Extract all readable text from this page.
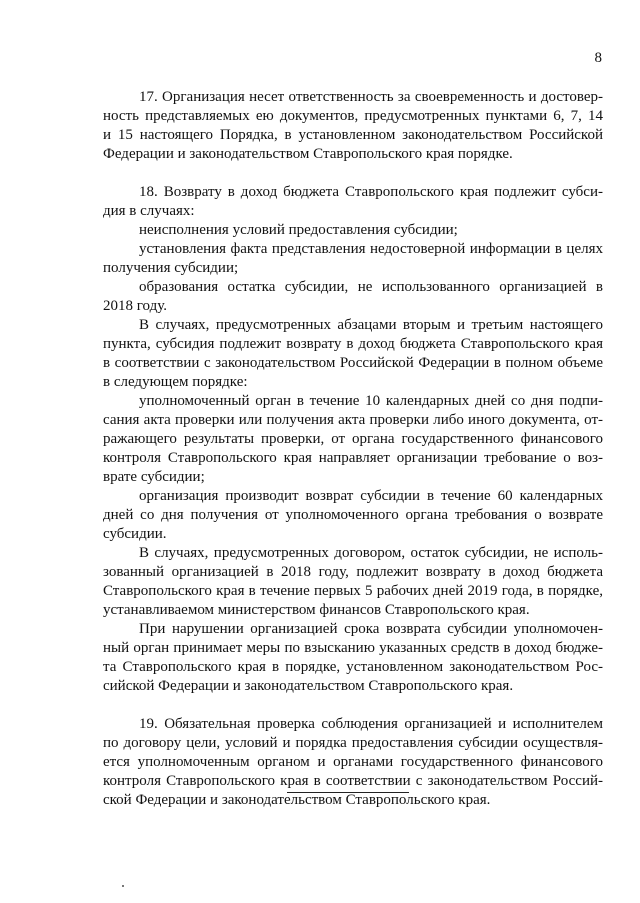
8
17. Организация несет ответственность за своевременность и достовер-
ность представляемых ею документов, предусмотренных пунктами 6, 7, 14
и 15 настоящего Порядка, в установленном законодательством Российской
Федерации и законодательством Ставропольского края порядке.
18. Возврату в доход бюджета Ставропольского края подлежит субси-
дия в случаях:
неисполнения условий предоставления субсидии;
установления факта представления недостоверной информации в целях
получения субсидии;
образования остатка субсидии, не использованного организацией в
2018 году.
В случаях, предусмотренных абзацами вторым и третьим настоящего
пункта, субсидия подлежит возврату в доход бюджета Ставропольского края
в соответствии с законодательством Российской Федерации в полном объеме
в следующем порядке:
уполномоченный орган в течение 10 календарных дней со дня подпи-
сания акта проверки или получения акта проверки либо иного документа, от-
ражающего результаты проверки, от органа государственного финансового
контроля Ставропольского края направляет организации требование о воз-
врате субсидии;
организация производит возврат субсидии в течение 60 календарных
дней со дня получения от уполномоченного органа требования о возврате
субсидии.
В случаях, предусмотренных договором, остаток субсидии, не исполь-
зованный организацией в 2018 году, подлежит возврату в доход бюджета
Ставропольского края в течение первых 5 рабочих дней 2019 года, в порядке,
устанавливаемом министерством финансов Ставропольского края.
При нарушении организацией срока возврата субсидии уполномочен-
ный орган принимает меры по взысканию указанных средств в доход бюдже-
та Ставропольского края в порядке, установленном законодательством Рос-
сийской Федерации и законодательством Ставропольского края.
19. Обязательная проверка соблюдения организацией и исполнителем
по договору цели, условий и порядка предоставления субсидии осуществля-
ется уполномоченным органом и органами государственного финансового
контроля Ставропольского края в соответствии с законодательством Россий-
ской Федерации и законодательством Ставропольского края.
